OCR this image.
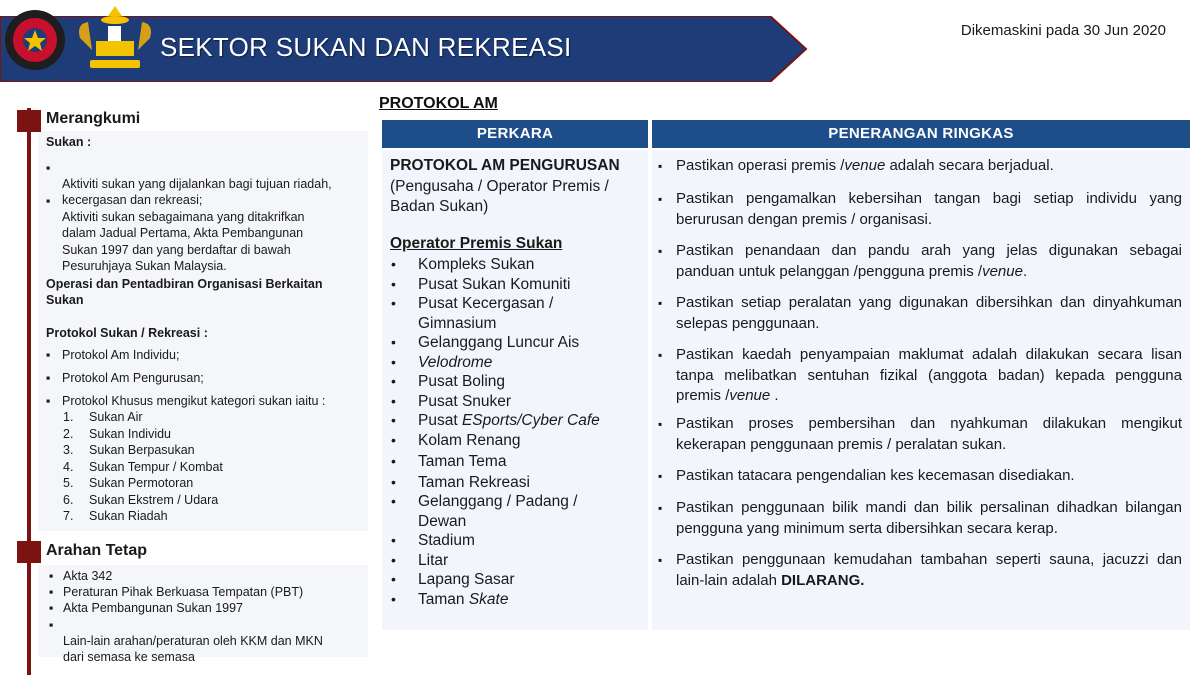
SEKTOR SUKAN DAN REKREASI
Dikemaskini pada 30 Jun 2020
Merangkumi
Arahan Tetap
Sukan :

▪
Aktiviti sukan yang dijalankan bagi tujuan riadah,
kecergasan dan rekreasi;

▪
Aktiviti sukan sebagaimana yang ditakrifkan
dalam Jadual Pertama, Akta Pembangunan
Sukan 1997 dan yang berdaftar di bawah
Pesuruhjaya Sukan Malaysia.

Operasi dan Pentadbiran Organisasi Berkaitan
Sukan
Protokol Sukan / Rekreasi :
▪ Protokol Am Individu;
▪ Protokol Am Pengurusan;
▪ Protokol Khusus mengikut kategori sukan iaitu :
1. Sukan Air
2. Sukan Individu
3. Sukan Berpasukan
4. Sukan Tempur / Kombat
5. Sukan Permotoran
6. Sukan Ekstrem / Udara
7. Sukan Riadah
▪ Akta 342
▪ Peraturan Pihak Berkuasa Tempatan (PBT)
▪ Akta Pembangunan Sukan 1997

▪
Lain-lain arahan/peraturan oleh KKM dan MKN
dari semasa ke semasa

PROTOKOL AM
PERKARA	PENERANGAN RINGKAS
PROTOKOL AM PENGURUSAN
(Pengusaha / Operator Premis /
Badan Sukan)
Operator Premis Sukan
• Kompleks Sukan
• Pusat Sukan Komuniti
• Pusat Kecergasan /
Gimnasium
• Gelanggang Luncur Ais
• Velodrome
• Pusat Boling
• Pusat Snuker
• Pusat ESports/Cyber Cafe
• Kolam Renang
• Taman Tema
• Taman Rekreasi
• Gelanggang / Padang /
Dewan
• Stadium
• Litar
• Lapang Sasar
• Taman Skate
▪ Pastikan operasi premis /venue adalah secara berjadual.
▪ Pastikan pengamalkan kebersihan tangan bagi setiap individu yang berurusan dengan premis / organisasi.
▪ Pastikan penandaan dan pandu arah yang jelas digunakan sebagai panduan untuk pelanggan /pengguna premis /venue.
▪ Pastikan setiap peralatan yang digunakan dibersihkan dan dinyahkuman selepas penggunaan.
▪ Pastikan kaedah penyampaian maklumat adalah dilakukan secara lisan tanpa melibatkan sentuhan fizikal (anggota badan) kepada pengguna premis /venue .
▪ Pastikan proses pembersihan dan nyahkuman dilakukan mengikut kekerapan penggunaan premis / peralatan sukan.
▪ Pastikan tatacara pengendalian kes kecemasan disediakan.
▪ Pastikan penggunaan bilik mandi dan bilik persalinan dihadkan bilangan pengguna yang minimum serta dibersihkan secara kerap.
▪ Pastikan penggunaan kemudahan tambahan seperti sauna, jacuzzi dan lain-lain adalah DILARANG.
